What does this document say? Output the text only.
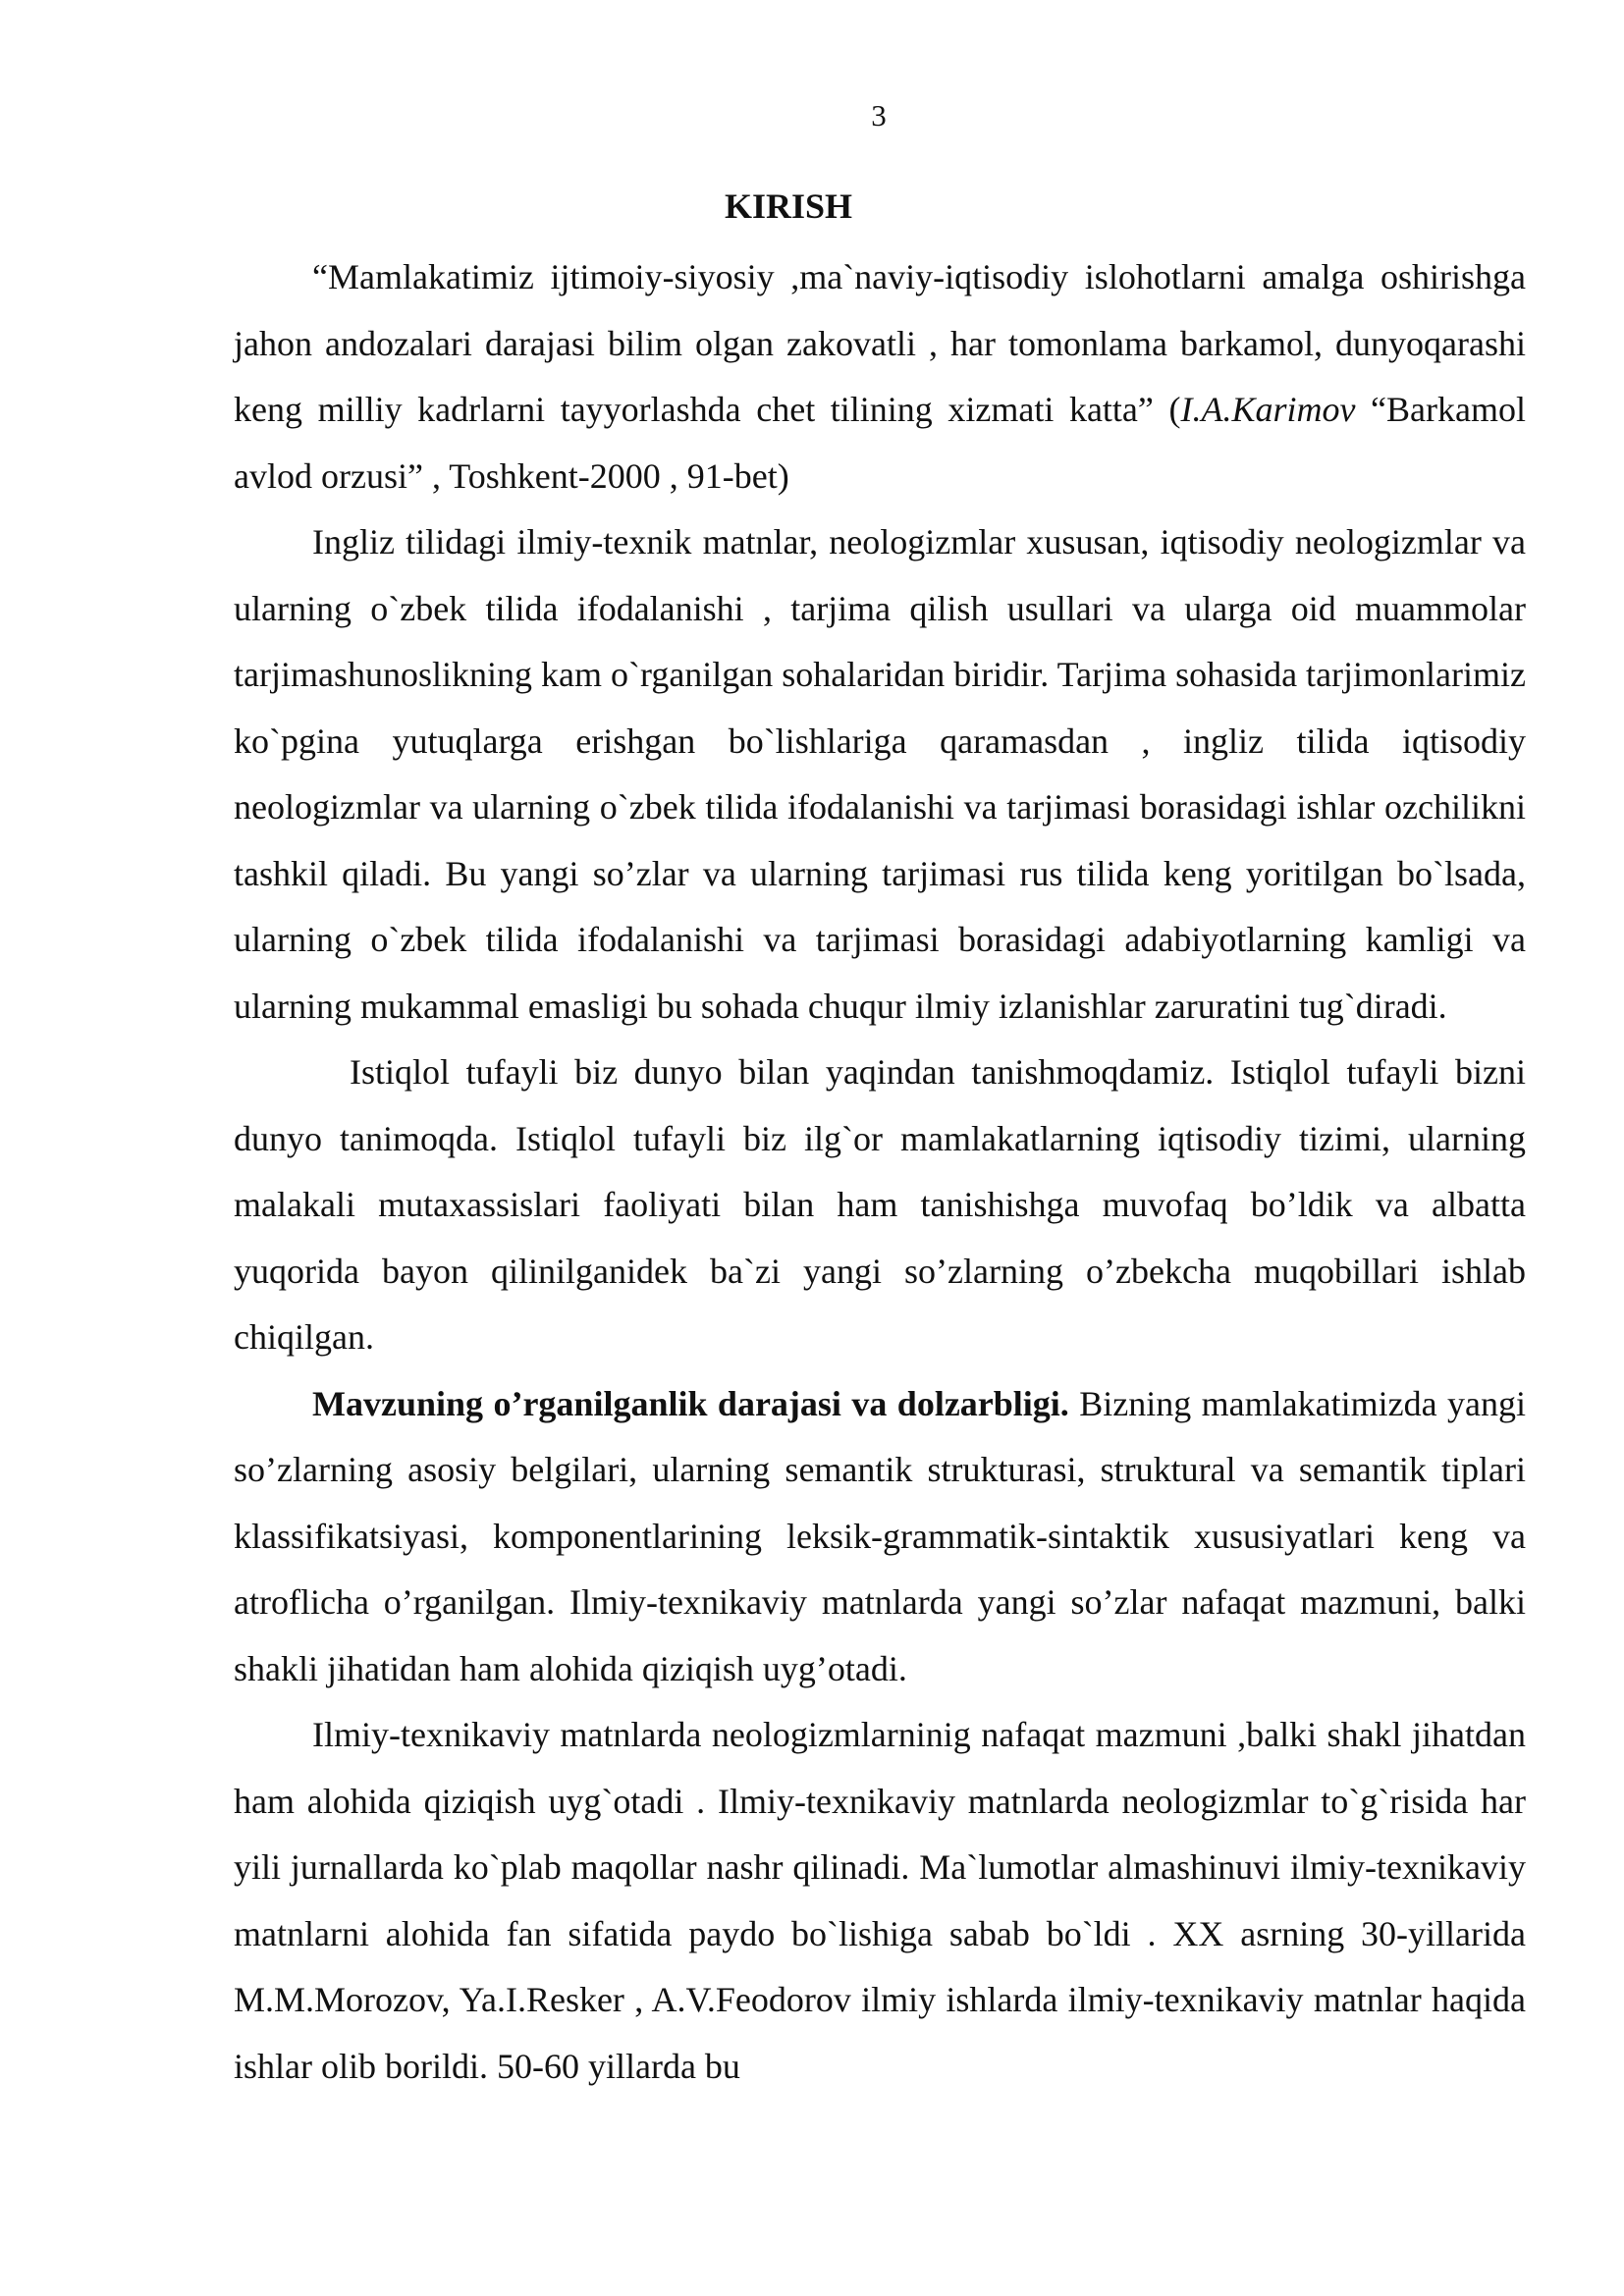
3
KIRISH

“Mamlakatimiz ijtimoiy-siyosiy ,ma`naviy-iqtisodiy islohotlarni amalga oshirishga jahon andozalari darajasi bilim olgan zakovatli , har tomonlama barkamol, dunyoqarashi keng milliy kadrlarni tayyorlashda chet tilining xizmati katta” (I.A.Karimov “Barkamol avlod orzusi” , Toshkent-2000 , 91-bet)

Ingliz tilidagi ilmiy-texnik matnlar, neologizmlar xususan, iqtisodiy neologizmlar va ularning o`zbek tilida ifodalanishi , tarjima qilish usullari va ularga oid muammolar tarjimashunoslikning kam o`rganilgan sohalaridan biridir. Tarjima sohasida tarjimonlarimiz ko`pgina yutuqlarga erishgan bo`lishlariga qaramasdan , ingliz tilida iqtisodiy neologizmlar va ularning o`zbek tilida ifodalanishi va tarjimasi borasidagi ishlar ozchilikni tashkil qiladi. Bu yangi so’zlar va ularning tarjimasi rus tilida keng yoritilgan bo`lsada, ularning o`zbek tilida ifodalanishi va tarjimasi borasidagi adabiyotlarning kamligi va ularning mukammal emasligi bu sohada chuqur ilmiy izlanishlar zaruratini tug`diradi.

Istiqlol tufayli biz dunyo bilan yaqindan tanishmoqdamiz. Istiqlol tufayli bizni dunyo tanimoqda. Istiqlol tufayli biz ilg`or mamlakatlarning iqtisodiy tizimi, ularning malakali mutaxassislari faoliyati bilan ham tanishishga muvofaq bo’ldik va albatta yuqorida bayon qilinilganidek ba`zi yangi so’zlarning o’zbekcha muqobillari ishlab chiqilgan.

Mavzuning o’rganilganlik darajasi va dolzarbligi. Bizning mamlakatimizda yangi so’zlarning asosiy belgilari, ularning semantik strukturasi, struktural va semantik tiplari klassifikatsiyasi, komponentlarining leksik-grammatik-sintaktik xususiyatlari keng va atroflicha o’rganilgan. Ilmiy-texnikaviy matnlarda yangi so’zlar nafaqat mazmuni, balki shakli jihatidan ham alohida qiziqish uyg’otadi.

Ilmiy-texnikaviy matnlarda neologizmlarninig nafaqat mazmuni ,balki shakl jihatdan ham alohida qiziqish uyg`otadi . Ilmiy-texnikaviy matnlarda neologizmlar to`g`risida har yili jurnallarda ko`plab maqollar nashr qilinadi. Ma`lumotlar almashinuvi ilmiy-texnikaviy matnlarni alohida fan sifatida paydo bo`lishiga sabab bo`ldi . XX asrning 30-yillarida M.M.Morozov, Ya.I.Resker , A.V.Feodorov ilmiy ishlarda ilmiy-texnikaviy matnlar haqida ishlar olib borildi. 50-60 yillarda bu
